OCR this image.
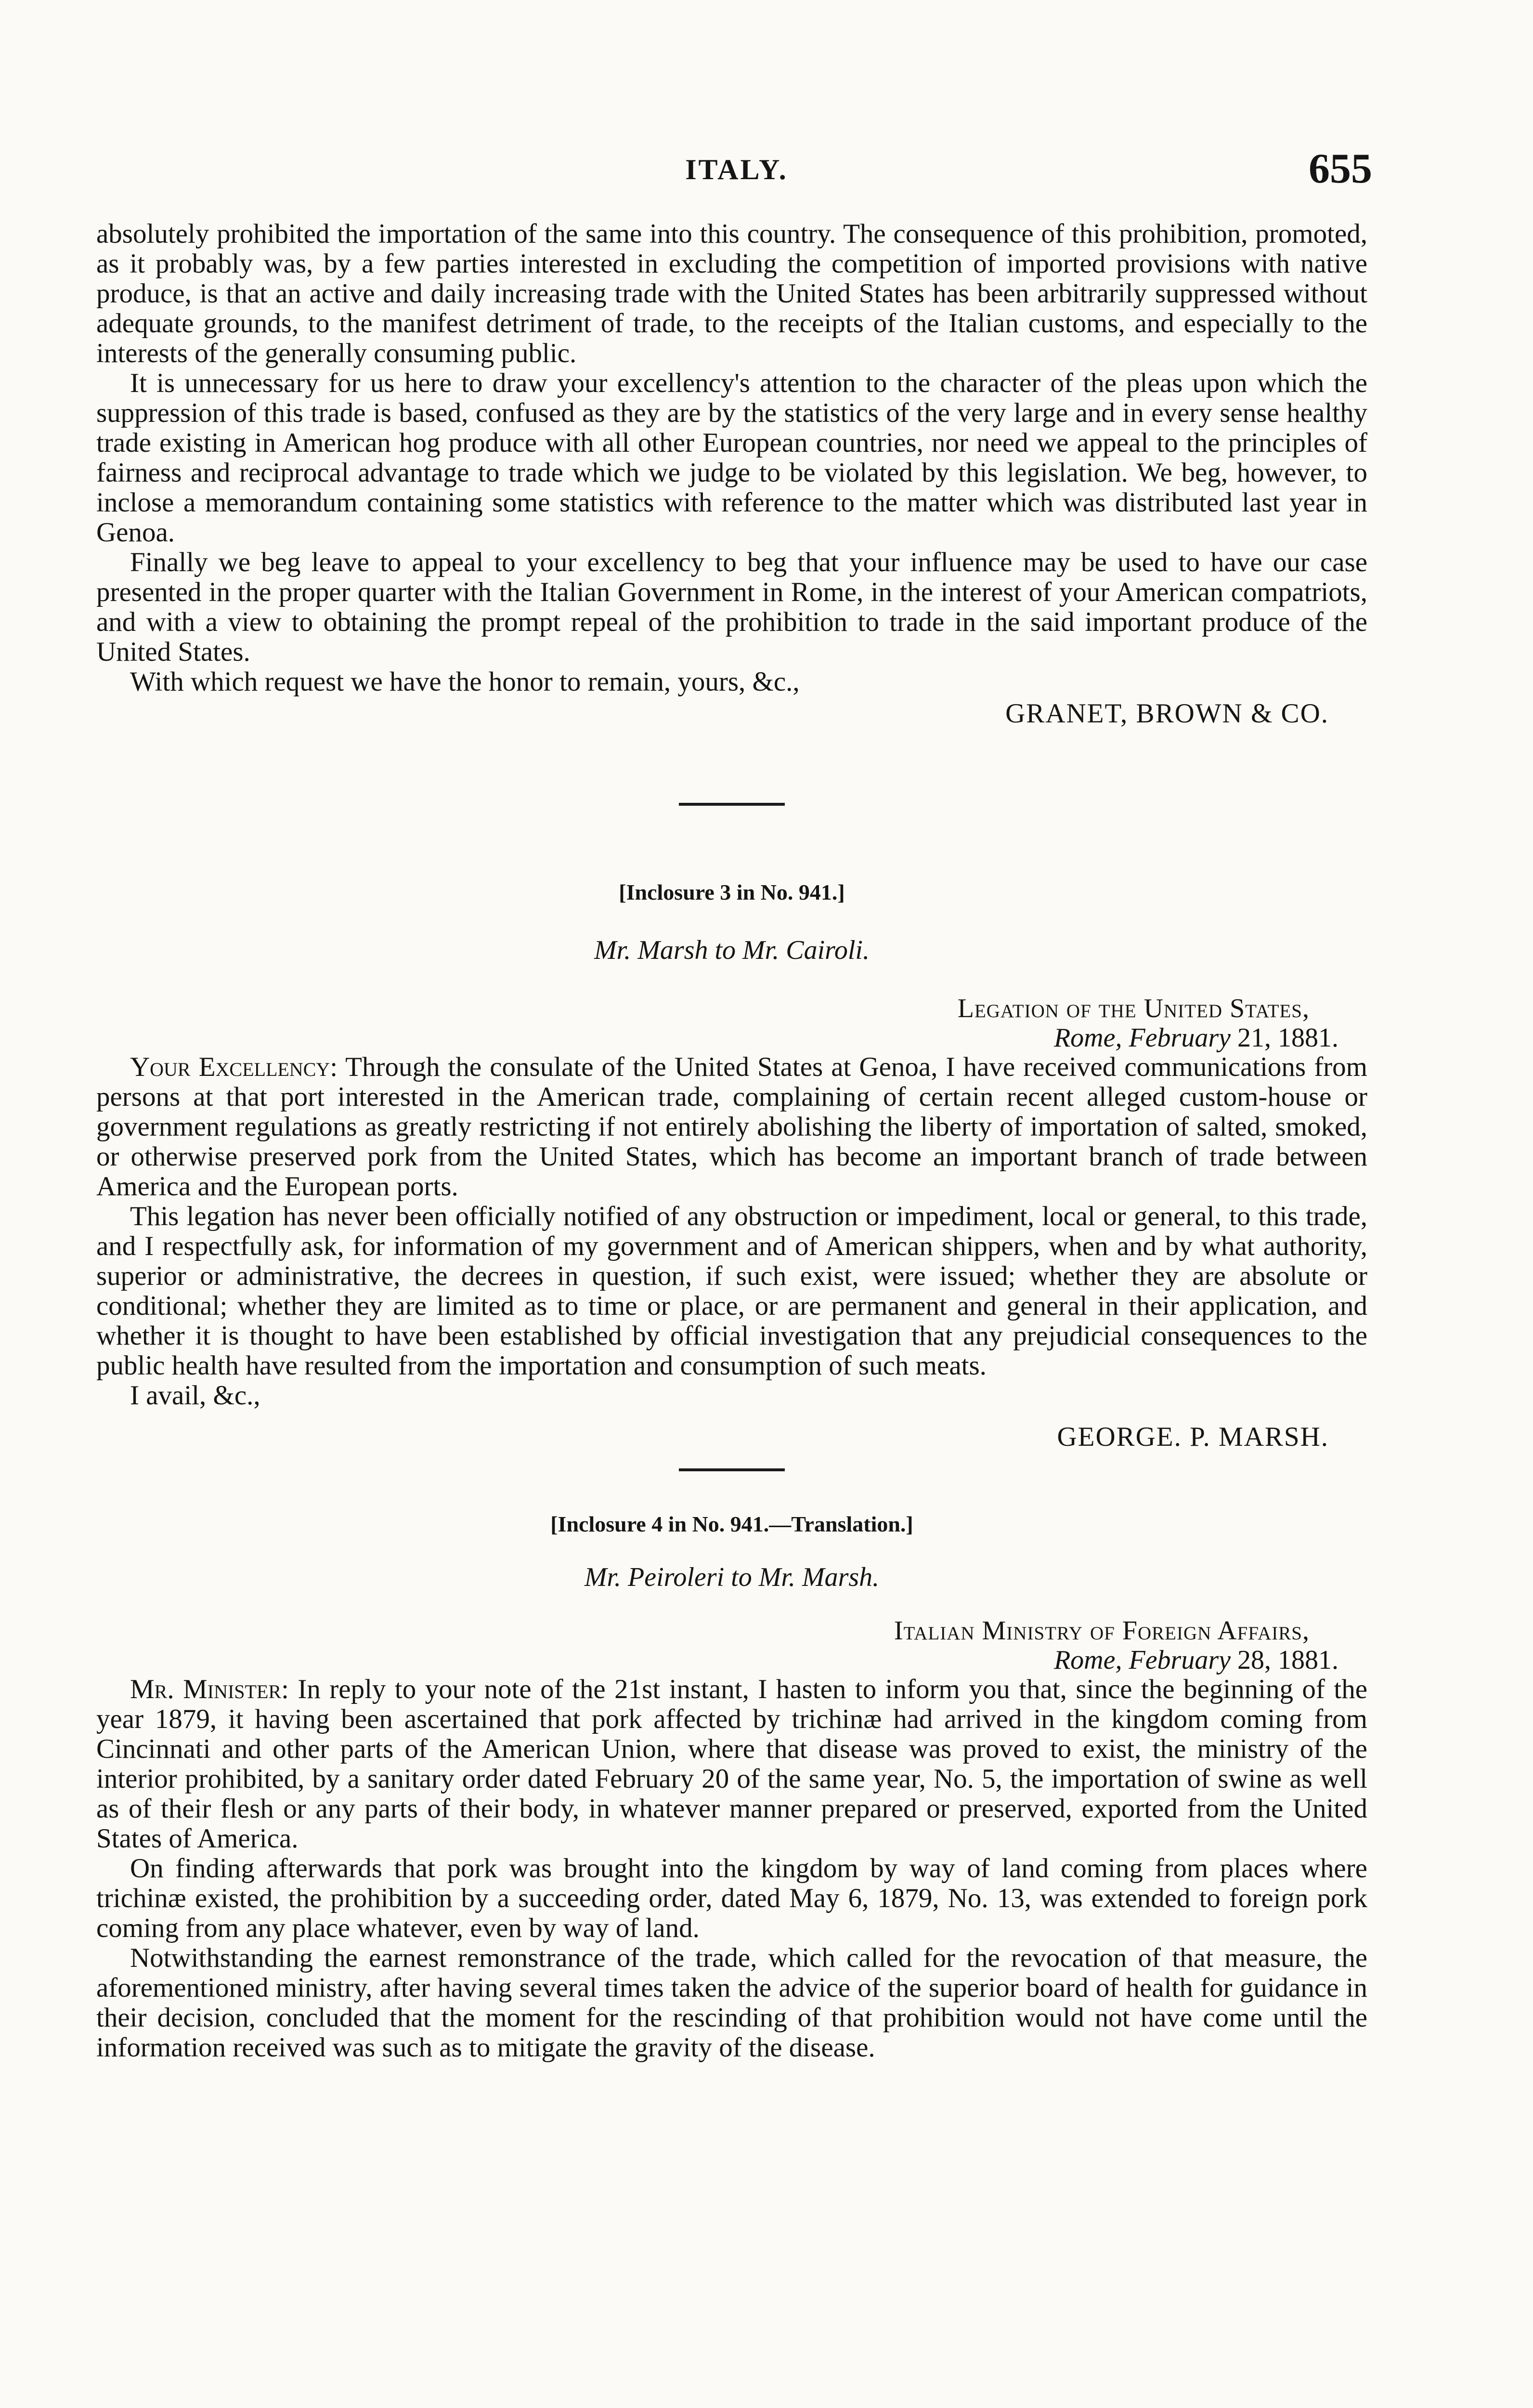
ITALY.	655

absolutely prohibited the importation of the same into this country. The consequence of this prohibition, promoted, as it probably was, by a few parties interested in excluding the competition of imported provisions with native produce, is that an active and daily increasing trade with the United States has been arbitrarily suppressed without adequate grounds, to the manifest detriment of trade, to the receipts of the Italian customs, and especially to the interests of the generally consuming public.

It is unnecessary for us here to draw your excellency's attention to the character of the pleas upon which the suppression of this trade is based, confused as they are by the statistics of the very large and in every sense healthy trade existing in American hog produce with all other European countries, nor need we appeal to the principles of fairness and reciprocal advantage to trade which we judge to be violated by this legislation. We beg, however, to inclose a memorandum containing some statistics with reference to the matter which was distributed last year in Genoa.

Finally we beg leave to appeal to your excellency to beg that your influence may be used to have our case presented in the proper quarter with the Italian Government in Rome, in the interest of your American compatriots, and with a view to obtaining the prompt repeal of the prohibition to trade in the said important produce of the United States.

With which request we have the honor to remain, yours, &c.,

GRANET, BROWN & CO.

[Inclosure 3 in No. 941.]

Mr. Marsh to Mr. Cairoli.

Legation of the United States,

Rome, February 21, 1881.

Your Excellency: Through the consulate of the United States at Genoa, I have received communications from persons at that port interested in the American trade, complaining of certain recent alleged custom-house or government regulations as greatly restricting if not entirely abolishing the liberty of importation of salted, smoked, or otherwise preserved pork from the United States, which has become an important branch of trade between America and the European ports.

This legation has never been officially notified of any obstruction or impediment, local or general, to this trade, and I respectfully ask, for information of my government and of American shippers, when and by what authority, superior or administrative, the decrees in question, if such exist, were issued; whether they are absolute or conditional; whether they are limited as to time or place, or are permanent and general in their application, and whether it is thought to have been established by official investigation that any prejudicial consequences to the public health have resulted from the importation and consumption of such meats.

I avail, &c.,

GEORGE. P. MARSH.

[Inclosure 4 in No. 941.—Translation.]

Mr. Peiroleri to Mr. Marsh.

Italian Ministry of Foreign Affairs,

Rome, February 28, 1881.

Mr. Minister: In reply to your note of the 21st instant, I hasten to inform you that, since the beginning of the year 1879, it having been ascertained that pork affected by trichinæ had arrived in the kingdom coming from Cincinnati and other parts of the American Union, where that disease was proved to exist, the ministry of the interior prohibited, by a sanitary order dated February 20 of the same year, No. 5, the importation of swine as well as of their flesh or any parts of their body, in whatever manner prepared or preserved, exported from the United States of America.

On finding afterwards that pork was brought into the kingdom by way of land coming from places where trichinæ existed, the prohibition by a succeeding order, dated May 6, 1879, No. 13, was extended to foreign pork coming from any place whatever, even by way of land.

Notwithstanding the earnest remonstrance of the trade, which called for the revocation of that measure, the aforementioned ministry, after having several times taken the advice of the superior board of health for guidance in their decision, concluded that the moment for the rescinding of that prohibition would not have come until the information received was such as to mitigate the gravity of the disease.
